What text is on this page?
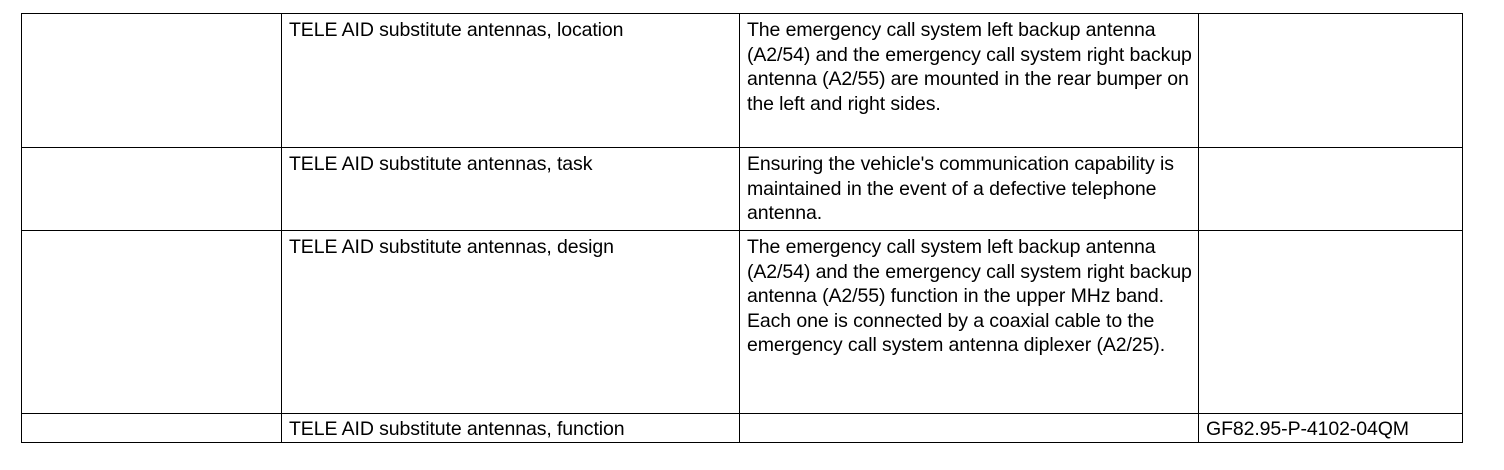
	TELE AID substitute antennas, location	The emergency call system left backup antenna (A2/54) and the emergency call system right backup antenna (A2/55) are mounted in the rear bumper on the left and right sides.	
	TELE AID substitute antennas, task	Ensuring the vehicle's communication capability is maintained in the event of a defective telephone antenna.	
	TELE AID substitute antennas, design	The emergency call system left backup antenna (A2/54) and the emergency call system right backup antenna (A2/55) function in the upper MHz band. Each one is connected by a coaxial cable to the emergency call system antenna diplexer (A2/25).	
	TELE AID substitute antennas, function		GF82.95-P-4102-04QM
